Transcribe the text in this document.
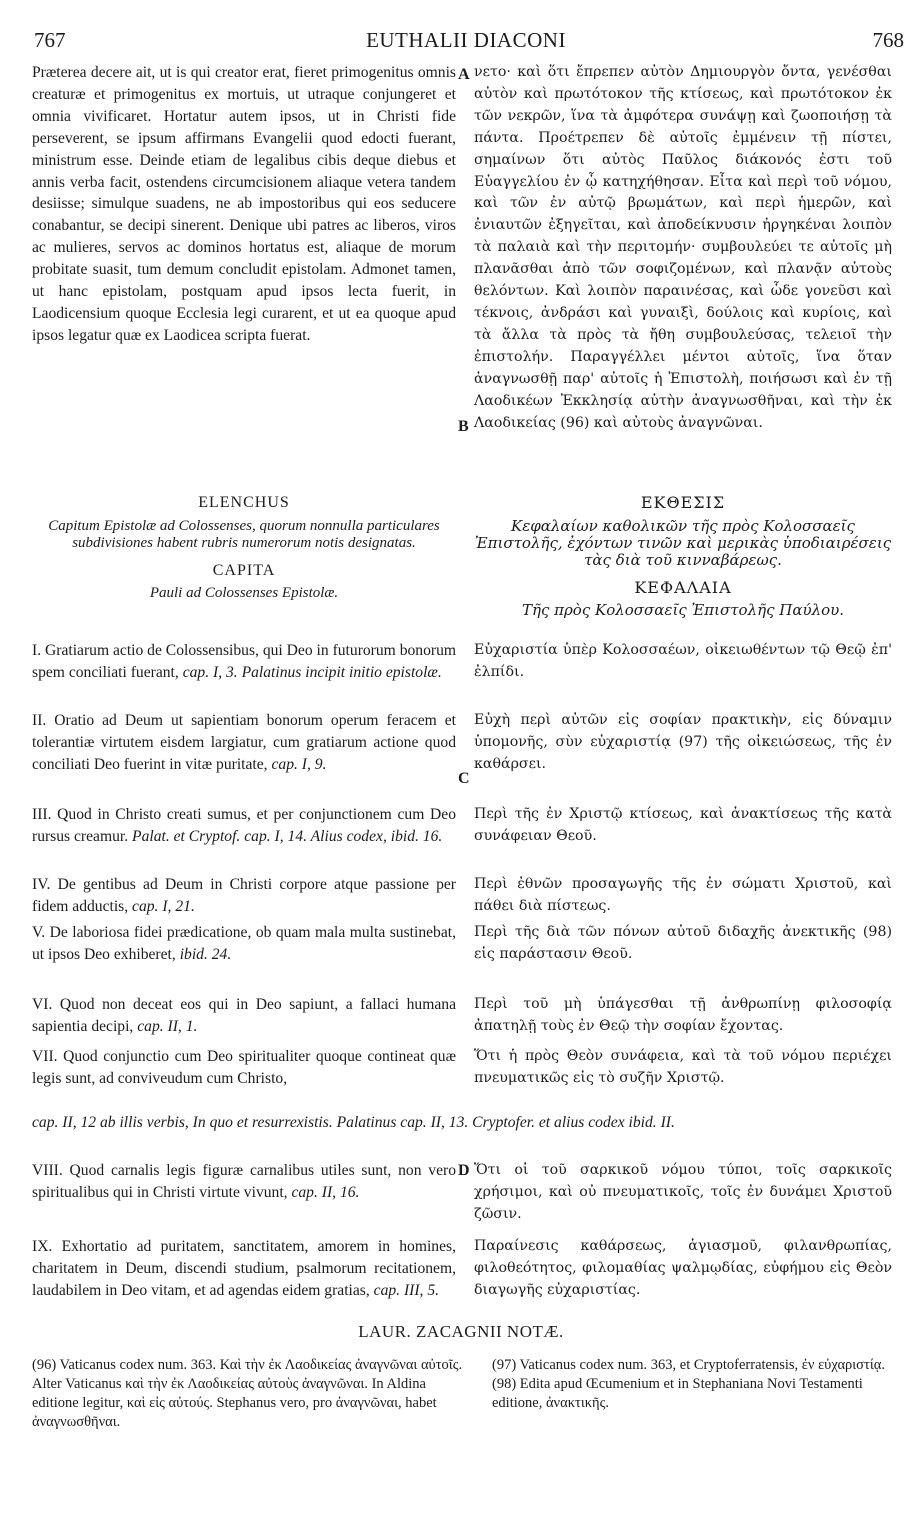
767	EUTHALII DIACONI	768

Præterea decere ait, ut is qui creator erat, fieret primogenitus omnis creaturæ et primogenitus ex mortuis, ut utraque conjungeret et omnia vivificaret. Hortatur autem ipsos, ut in Christi fide perseverent, se ipsum affirmans Evangelii quod edocti fuerant, ministrum esse. Deinde etiam de legalibus cibis deque diebus et annis verba facit, ostendens circumcisionem aliaque vetera tandem desiisse; simulque suadens, ne ab impostoribus qui eos seducere conabantur, se decipi sinerent. Denique ubi patres ac liberos, viros ac mulieres, servos ac dominos hortatus est, aliaque de morum probitate suasit, tum demum concludit epistolam. Admonet tamen, ut hanc epistolam, postquam apud ipsos lecta fuerit, in Laodicensium quoque Ecclesia legi curarent, et ut ea quoque apud ipsos legatur quæ ex Laodicea scripta fuerat.

νετο· καὶ ὅτι ἔπρεπεν αὐτὸν Δημιουργὸν ὄντα, γενέσθαι αὐτὸν καὶ πρωτότοκον τῆς κτίσεως, καὶ πρωτότοκον ἐκ τῶν νεκρῶν, ἵνα τὰ ἀμφότερα συνάψῃ καὶ ζωοποιήσῃ τὰ πάντα. Προέτρεπεν δὲ αὐτοῖς ἐμμένειν τῇ πίστει, σημαίνων ὅτι αὐτὸς Παῦλος διάκονός ἐστι τοῦ Εὐαγγελίου ἐν ᾧ κατηχήθησαν. Εἶτα καὶ περὶ τοῦ νόμου, καὶ τῶν ἐν αὐτῷ βρωμάτων, καὶ περὶ ἡμερῶν, καὶ ἐνιαυτῶν ἐξηγεῖται, καὶ ἀποδείκνυσιν ἠργηκέναι λοιπὸν τὰ παλαιὰ καὶ τὴν περιτομήν· συμβουλεύει τε αὐτοῖς μὴ πλανᾶσθαι ἀπὸ τῶν σοφιζομένων, καὶ πλανᾷν αὐτοὺς θελόντων. Καὶ λοιπὸν παραινέσας, καὶ ὧδε γονεῦσι καὶ τέκνοις, ἀνδράσι καὶ γυναιξὶ, δούλοις καὶ κυρίοις, καὶ τὰ ἄλλα τὰ πρὸς τὰ ἤθη συμβουλεύσας, τελειοῖ τὴν ἐπιστολήν. Παραγγέλλει μέντοι αὐτοῖς, ἵνα ὅταν ἀναγνωσθῇ παρ' αὐτοῖς ἡ Ἐπιστολὴ, ποιήσωσι καὶ ἐν τῇ Λαοδικέων Ἐκκλησίᾳ αὐτὴν ἀναγνωσθῆναι, καὶ τὴν ἐκ Λαοδικείας (96) καὶ αὐτοὺς ἀναγνῶναι.

A
B

ELENCHUS

Capitum Epistolæ ad Colossenses, quorum nonnulla particulares subdivisiones habent rubris numerorum notis designatas.

CAPITA

Pauli ad Colossenses Epistolæ.

ΕΚΘΕΣΙΣ

Κεφαλαίων καθολικῶν τῆς πρὸς Κολοσσαεῖς Ἐπιστολῆς, ἐχόντων τινῶν καὶ μερικὰς ὑποδιαιρέσεις τὰς διὰ τοῦ κινναβάρεως.

ΚΕΦΑΛΑΙΑ

Τῆς πρὸς Κολοσσαεῖς Ἐπιστολῆς Παύλου.

I. Gratiarum actio de Colossensibus, qui Deo in futurorum bonorum spem conciliati fuerant, cap. I, 3. Palatinus incipit initio epistolæ.

II. Oratio ad Deum ut sapientiam bonorum operum feracem et tolerantiæ virtutem eisdem largiatur, cum gratiarum actione quod conciliati Deo fuerint in vitæ puritate, cap. I, 9.

III. Quod in Christo creati sumus, et per conjunctionem cum Deo rursus creamur. Palat. et Cryptof. cap. I, 14. Alius codex, ibid. 16.

IV. De gentibus ad Deum in Christi corpore atque passione per fidem adductis, cap. I, 21.

V. De laboriosa fidei prædicatione, ob quam mala multa sustinebat, ut ipsos Deo exhiberet, ibid. 24.

VI. Quod non deceat eos qui in Deo sapiunt, a fallaci humana sapientia decipi, cap. II, 1.

Εὐχαριστία ὑπὲρ Κολοσσαέων, οἰκειωθέντων τῷ Θεῷ ἐπ' ἐλπίδι.

Εὐχὴ περὶ αὐτῶν εἰς σοφίαν πρακτικὴν, εἰς δύναμιν ὑπομονῆς, σὺν εὐχαριστίᾳ (97) τῆς οἰκειώσεως, τῆς ἐν καθάρσει.

Περὶ τῆς ἐν Χριστῷ κτίσεως, καὶ ἀνακτίσεως τῆς κατὰ συνάφειαν Θεοῦ.

Περὶ ἐθνῶν προσαγωγῆς τῆς ἐν σώματι Χριστοῦ, καὶ πάθει διὰ πίστεως.

Περὶ τῆς διὰ τῶν πόνων αὐτοῦ διδαχῆς ἀνεκτικῆς (98) εἰς παράστασιν Θεοῦ.

Περὶ τοῦ μὴ ὑπάγεσθαι τῇ ἀνθρωπίνῃ φιλοσοφίᾳ ἀπατηλῇ τοὺς ἐν Θεῷ τὴν σοφίαν ἔχοντας.

C

VII. Quod conjunctio cum Deo spiritualiter quoque contineat quæ legis sunt, ad conviveudum cum Christo,

Ὅτι ἡ πρὸς Θεὸν συνάφεια, καὶ τὰ τοῦ νόμου περιέχει πνευματικῶς εἰς τὸ συζῆν Χριστῷ.
cap. II, 12 ab illis verbis, In quo et resurrexistis. Palatinus cap. II, 13. Cryptofer. et alius codex ibid. II.

VIII. Quod carnalis legis figuræ carnalibus utiles sunt, non vero spiritualibus qui in Christi virtute vivunt, cap. II, 16.

IX. Exhortatio ad puritatem, sanctitatem, amorem in homines, charitatem in Deum, discendi studium, psalmorum recitationem, laudabilem in Deo vitam, et ad agendas eidem gratias, cap. III, 5.

Ὅτι οἱ τοῦ σαρκικοῦ νόμου τύποι, τοῖς σαρκικοῖς χρήσιμοι, καὶ οὐ πνευματικοῖς, τοῖς ἐν δυνάμει Χριστοῦ ζῶσιν.

Παραίνεσις καθάρσεως, ἁγιασμοῦ, φιλανθρωπίας, φιλοθεότητος, φιλομαθίας ψαλμῳδίας, εὐφήμου εἰς Θεὸν διαγωγῆς εὐχαριστίας.

D
LAUR. ZACAGNII NOTÆ.

(96) Vaticanus codex num. 363. Καὶ τὴν ἐκ Λαοδικείας ἀναγνῶναι αὐτοῖς. Alter Vaticanus καὶ τὴν ἐκ Λαοδικείας αὐτοὺς ἀναγνῶναι. In Aldina editione legitur, καὶ εἰς αὐτούς. Stephanus vero, pro ἀναγνῶναι, habet ἀναγνωσθῆναι.

(97) Vaticanus codex num. 363, et Cryptoferratensis, ἐν εὐχαριστίᾳ.

(98) Edita apud Œcumenium et in Stephaniana Novi Testamenti editione, ἀνακτικῆς.
